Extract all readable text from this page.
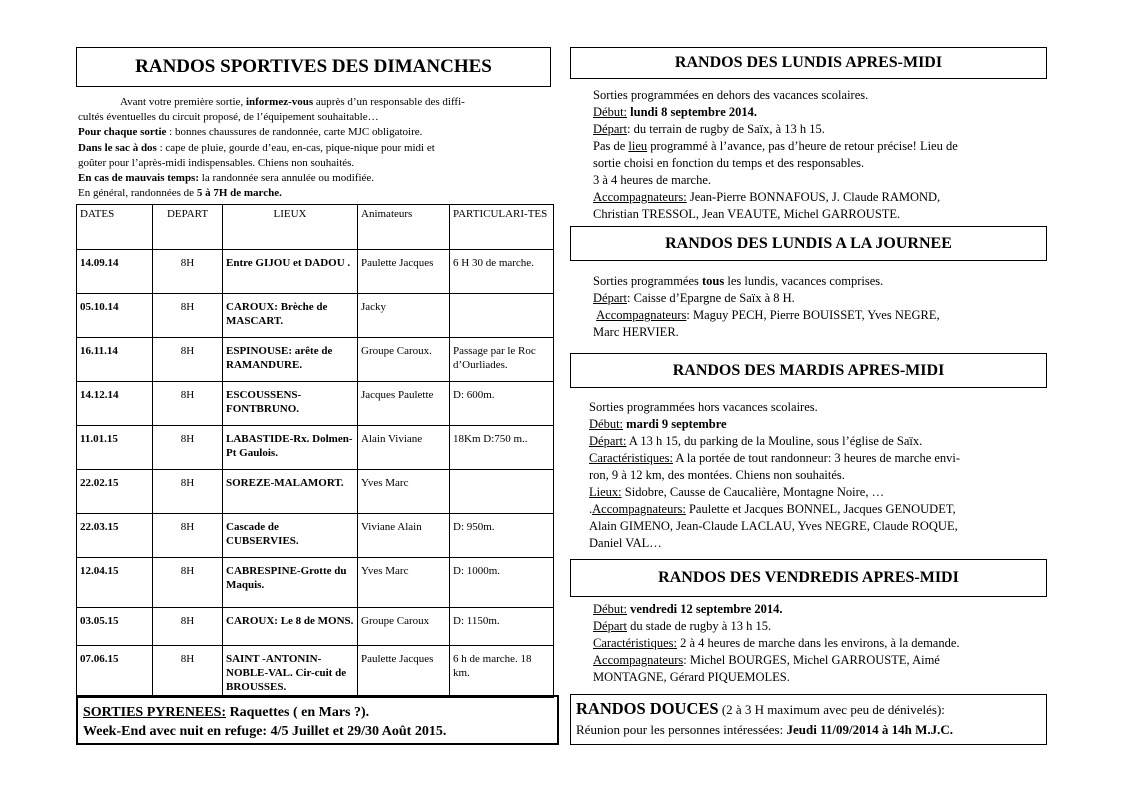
RANDOS SPORTIVES DES DIMANCHES

Avant votre première sortie, informez-vous auprès d’un responsable des diffi-

cultés éventuelles du circuit proposé, de l’équipement souhaitable…

Pour chaque sortie : bonnes chaussures de randonnée, carte MJC obligatoire.

Dans le sac à dos : cape de pluie, gourde d’eau, en-cas, pique-nique pour midi et

goûter pour l’après-midi indispensables. Chiens non souhaités.

En cas de mauvais temps: la randonnée sera annulée ou modifiée.

En général, randonnées de 5 à 7H de marche.

DATES	DEPART	LIEUX	Animateurs	PARTICULARI-TES
14.09.14	8H	Entre GIJOU et DADOU .	Paulette Jacques	6 H 30 de marche.
05.10.14	8H	CAROUX: Brèche de MASCART.	Jacky	
16.11.14	8H	ESPINOUSE: arête de RAMANDURE.	Groupe Caroux.	Passage par le Roc d’Ourliades.
14.12.14	8H	ESCOUSSENS-FONTBRUNO.	Jacques Paulette	D: 600m.
11.01.15	8H	LABASTIDE-Rx. Dolmen-Pt Gaulois.	Alain Viviane	18Km D:750 m..
22.02.15	8H	SOREZE-MALAMORT.	Yves Marc	
22.03.15	8H	Cascade de CUBSERVIES.	Viviane Alain	D: 950m.
12.04.15	8H	CABRESPINE-Grotte du Maquis.	Yves Marc	D: 1000m.
03.05.15	8H	CAROUX: Le 8 de MONS.	Groupe Caroux	D: 1150m.
07.06.15	8H	SAINT -ANTONIN-NOBLE-VAL. Cir-cuit de BROUSSES.	Paulette Jacques	6 h de marche. 18 km.
SORTIES PYRENEES: Raquettes ( en Mars ?).
Week-End avec nuit en refuge: 4/5 Juillet et 29/30 Août 2015.
RANDOS DES LUNDIS APRES-MIDI

Sorties programmées en dehors des vacances scolaires.

Début: lundi 8 septembre 2014.

Départ: du terrain de rugby de Saïx, à 13 h 15.

Pas de lieu programmé à l’avance, pas d’heure de retour précise! Lieu de

sortie choisi en fonction du temps et des responsables.

3 à 4 heures de marche.

Accompagnateurs: Jean-Pierre BONNAFOUS, J. Claude RAMOND,

Christian TRESSOL, Jean VEAUTE, Michel GARROUSTE.

RANDOS DES LUNDIS A LA JOURNEE

Sorties programmées tous les lundis, vacances comprises.

Départ: Caisse d’Epargne de Saïx à 8 H.

Accompagnateurs: Maguy PECH, Pierre BOUISSET, Yves NEGRE,

Marc HERVIER.

RANDOS DES MARDIS APRES-MIDI

Sorties programmées hors vacances scolaires.

Début: mardi 9 septembre

Départ: A 13 h 15, du parking de la Mouline, sous l’église de Saïx.

Caractéristiques: A la portée de tout randonneur: 3 heures de marche envi-

ron, 9 à 12 km, des montées. Chiens non souhaités.

Lieux: Sidobre, Causse de Caucalière, Montagne Noire, …

.Accompagnateurs: Paulette et Jacques BONNEL, Jacques GENOUDET,

Alain GIMENO, Jean-Claude LACLAU, Yves NEGRE, Claude ROQUE,

Daniel VAL…

RANDOS DES VENDREDIS APRES-MIDI

Début: vendredi 12 septembre 2014.

Départ du stade de rugby à 13 h 15.

Caractéristiques: 2 à 4 heures de marche dans les environs, à la demande.

Accompagnateurs: Michel BOURGES, Michel GARROUSTE, Aimé

MONTAGNE, Gérard PIQUEMOLES.

RANDOS DOUCES (2 à 3 H maximum avec peu de dénivelés):
Réunion pour les personnes intéressées: Jeudi 11/09/2014 à 14h M.J.C.
